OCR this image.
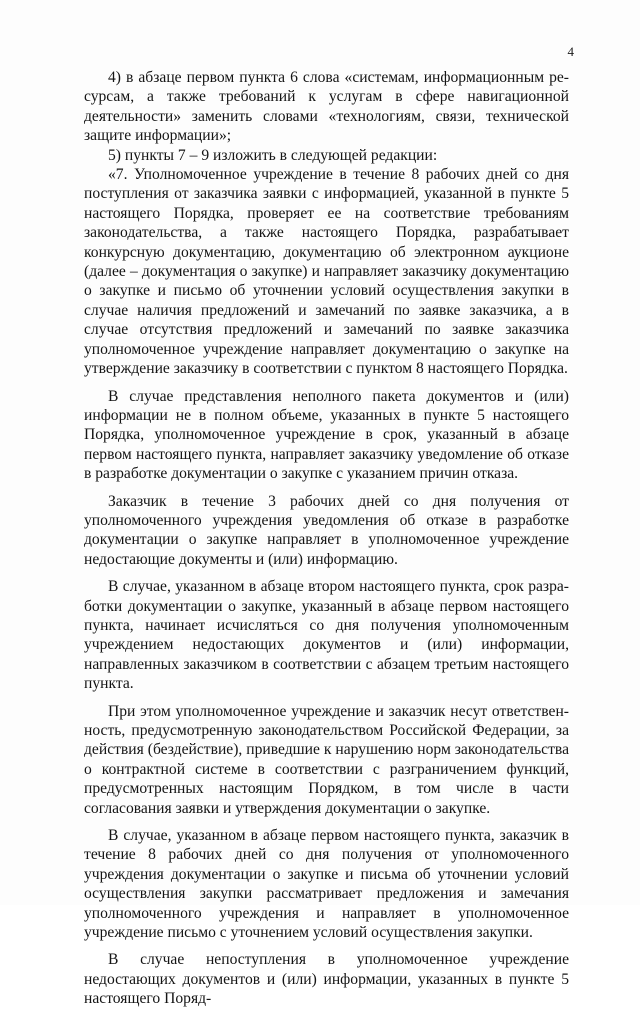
4

4) в абзаце первом пункта 6 слова «системам, информационным ресурсам, а также требований к услугам в сфере навигационной деятельности» заменить словами «технологиям, связи, технической защите информации»;

5) пункты 7 – 9 изложить в следующей редакции:

«7. Уполномоченное учреждение в течение 8 рабочих дней со дня поступления от заказчика заявки с информацией, указанной в пункте 5 настоящего Порядка, проверяет ее на соответствие требованиям законодательства, а также настоящего Порядка, разрабатывает конкурсную документацию, документацию об электронном аукционе (далее – документация о закупке) и направляет заказчику документацию о закупке и письмо об уточнении условий осуществления закупки в случае наличия предложений и замечаний по заявке заказчика, а в случае отсутствия предложений и замечаний по заявке заказчика уполномоченное учреждение направляет документацию о закупке на утверждение заказчику в соответствии с пунктом 8 настоящего Порядка.

В случае представления неполного пакета документов и (или) информации не в полном объеме, указанных в пункте 5 настоящего Порядка, уполномоченное учреждение в срок, указанный в абзаце первом настоящего пункта, направляет заказчику уведомление об отказе в разработке документации о закупке с указанием причин отказа.

Заказчик в течение 3 рабочих дней со дня получения от уполномоченного учреждения уведомления об отказе в разработке документации о закупке направляет в уполномоченное учреждение недостающие документы и (или) информацию.

В случае, указанном в абзаце втором настоящего пункта, срок разработки документации о закупке, указанный в абзаце первом настоящего пункта, начинает исчисляться со дня получения уполномоченным учреждением недостающих документов и (или) информации, направленных заказчиком в соответствии с абзацем третьим настоящего пункта.

При этом уполномоченное учреждение и заказчик несут ответственность, предусмотренную законодательством Российской Федерации, за действия (бездействие), приведшие к нарушению норм законодательства о контрактной системе в соответствии с разграничением функций, предусмотренных настоящим Порядком, в том числе в части согласования заявки и утверждения документации о закупке.

В случае, указанном в абзаце первом настоящего пункта, заказчик в течение 8 рабочих дней со дня получения от уполномоченного учреждения документации о закупке и письма об уточнении условий осуществления закупки рассматривает предложения и замечания уполномоченного учреждения и направляет в уполномоченное учреждение письмо с уточнением условий осуществления закупки.

В случае непоступления в уполномоченное учреждение недостающих документов и (или) информации, указанных в пункте 5 настоящего Поряд-
